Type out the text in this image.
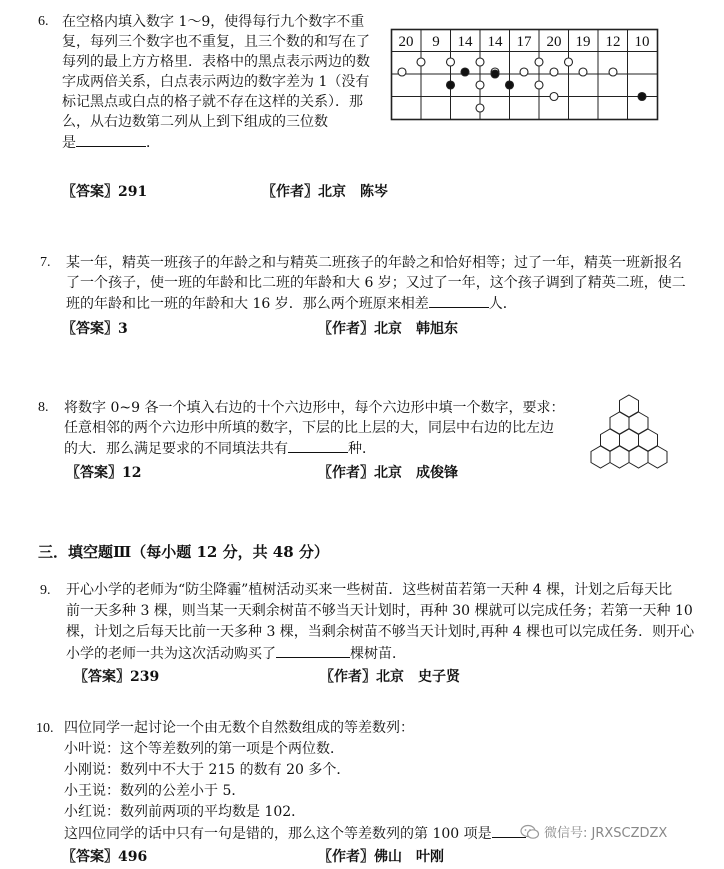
6. 在空格内填入数字 1～9，使得每行九个数字不重
复，每列三个数字也不重复，且三个数的和写在了
每列的最上方方格里．表格中的黑点表示两边的数
字成两倍关系，白点表示两边的数字差为 1（没有
标记黑点或白点的格子就不存在这样的关系）．那
么，从右边数第二列从上到下组成的三位数
是	．
20 9 14 14 17 20 19 12 10
〖答案〗291	〖作者〗北京　陈岑
7. 某一年，精英一班孩子的年龄之和与精英二班孩子的年龄之和恰好相等；过了一年，精英一班新报名
了一个孩子，使一班的年龄和比二班的年龄和大 6 岁；又过了一年，这个孩子调到了精英二班，使二
班的年龄和比一班的年龄和大 16 岁．那么两个班原来相差	人．
〖答案〗3	〖作者〗北京　韩旭东
8. 将数字 0~9 各一个填入右边的十个六边形中，每个六边形中填一个数字，要求：
任意相邻的两个六边形中所填的数字，下层的比上层的大，同层中右边的比左边
的大．那么满足要求的不同填法共有	种．
〖答案〗12	〖作者〗北京　成俊锋
三．填空题Ⅲ（每小题 12 分，共 48 分）
9. 开心小学的老师为“防尘降霾”植树活动买来一些树苗．这些树苗若第一天种 4 棵，计划之后每天比
前一天多种 3 棵，则当某一天剩余树苗不够当天计划时，再种 30 棵就可以完成任务；若第一天种 10
棵，计划之后每天比前一天多种 3 棵，当剩余树苗不够当天计划时,再种 4 棵也可以完成任务．则开心
小学的老师一共为这次活动购买了	棵树苗．
〖答案〗239	〖作者〗北京　史子贤
10. 四位同学一起讨论一个由无数个自然数组成的等差数列：
小叶说：这个等差数列的第一项是个两位数．
小刚说：数列中不大于 215 的数有 20 多个．
小王说：数列的公差小于 5．
小红说：数列前两项的平均数是 102．
这四位同学的话中只有一句是错的，那么这个等差数列的第 100 项是
〖答案〗496	〖作者〗佛山　叶刚
微信号: JRXSCZDZX
